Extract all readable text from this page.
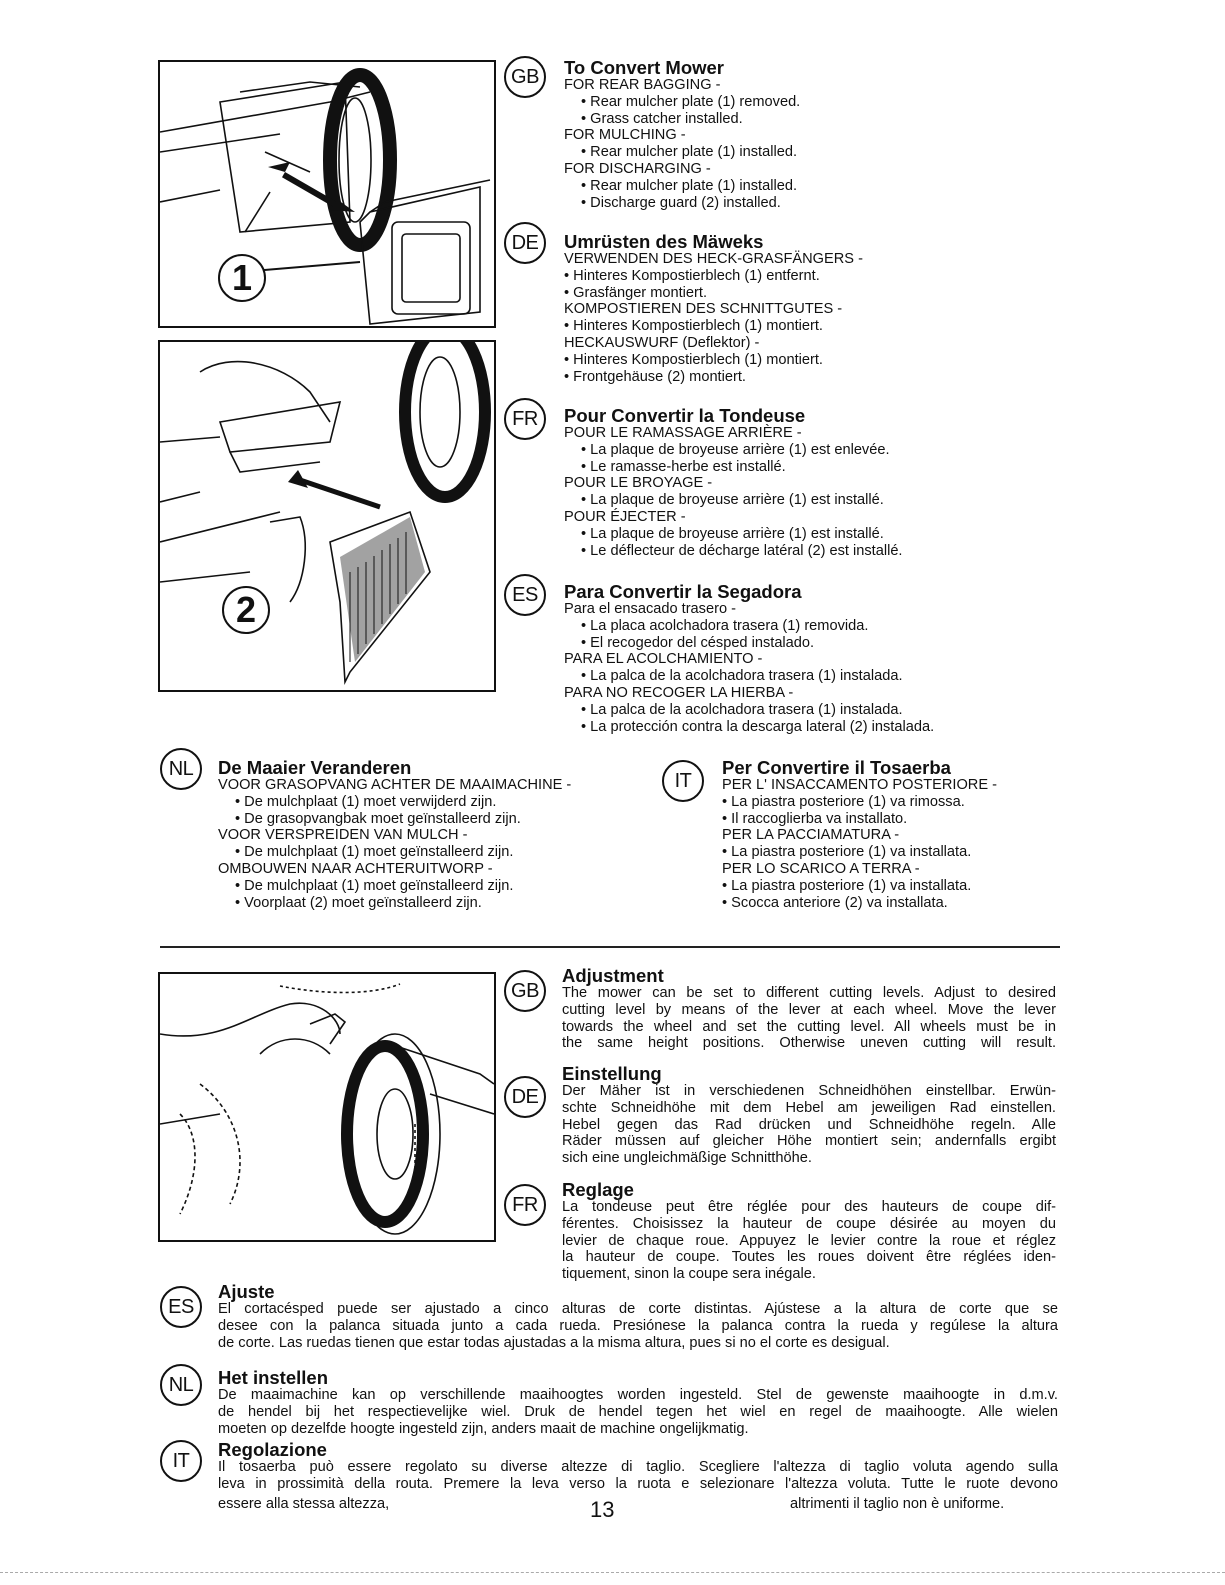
1
2
GB	To Convert Mower
FOR REAR BAGGING -
• Rear mulcher plate (1) removed.
• Grass catcher installed.
FOR MULCHING -
• Rear mulcher plate (1) installed.
FOR DISCHARGING -
• Rear mulcher plate (1) installed.
• Discharge guard (2) installed.
DE	Umrüsten des Mäweks
VERWENDEN DES HECK-GRASFÄNGERS -
• Hinteres Kompostierblech (1) entfernt.
• Grasfänger montiert.
KOMPOSTIEREN DES SCHNITTGUTES -
• Hinteres Kompostierblech (1) montiert.
HECKAUSWURF (Deflektor) -
• Hinteres Kompostierblech (1) montiert.
• Frontgehäuse (2) montiert.
FR	Pour Convertir la Tondeuse
POUR LE RAMASSAGE ARRIÈRE -
• La plaque de broyeuse arrière (1) est enlevée.
• Le ramasse-herbe est installé.
POUR LE BROYAGE -
• La plaque de broyeuse arrière (1) est installé.
POUR ÉJECTER -
• La plaque de broyeuse arrière (1) est installé.
• Le déflecteur de décharge latéral (2) est installé.
ES	Para Convertir la Segadora
Para el ensacado trasero -
• La placa acolchadora trasera (1) removida.
• El recogedor del césped instalado.
PARA EL ACOLCHAMIENTO -
• La palca de la acolchadora trasera (1) instalada.
PARA NO RECOGER LA HIERBA -
• La palca de la acolchadora trasera (1) instalada.
• La protección contra la descarga lateral (2) instalada.
NL	De Maaier Veranderen
VOOR GRASOPVANG ACHTER DE MAAIMACHINE -
• De mulchplaat (1) moet verwijderd zijn.
• De grasopvangbak moet geïnstalleerd zijn.
VOOR VERSPREIDEN VAN MULCH -
• De mulchplaat (1) moet geïnstalleerd zijn.
OMBOUWEN NAAR ACHTERUITWORP -
• De mulchplaat (1) moet geïnstalleerd zijn.
• Voorplaat (2) moet geïnstalleerd zijn.
IT
Per Convertire il Tosaerba
PER L' INSACCAMENTO POSTERIORE -
• La piastra posteriore (1) va rimossa.
• Il raccoglierba va installato.
PER LA PACCIAMATURA -
• La piastra posteriore (1) va installata.
PER LO SCARICO A TERRA -
• La piastra posteriore (1) va installata.
• Scocca anteriore (2) va installata.
GB
Adjustment
The mower can be set to different cutting levels. Adjust to desired
cutting level by means of the lever at each wheel. Move the lever
towards the wheel and set the cutting level. All wheels must be in
the same height positions. Otherwise uneven cutting will result.
DE
Einstellung
Der Mäher ist in verschiedenen Schneidhöhen einstellbar. Erwün-
schte Schneidhöhe mit dem Hebel am jeweiligen Rad einstellen.
Hebel gegen das Rad drücken und Schneidhöhe regeln. Alle
Räder müssen auf gleicher Höhe montiert sein; andernfalls ergibt
sich eine ungleichmäßige Schnitthöhe.
FR
Reglage
La tondeuse peut être réglée pour des hauteurs de coupe dif-
férentes. Choisissez la hauteur de coupe désirée au moyen du
levier de chaque roue. Appuyez le levier contre la roue et réglez
la hauteur de coupe. Toutes les roues doivent être réglées iden-
tiquement, sinon la coupe sera inégale.
ES
Ajuste
El cortacésped puede ser ajustado a cinco alturas de corte distintas. Ajústese a la altura de corte que se
desee con la palanca situada junto a cada rueda. Presiónese la palanca contra la rueda y regúlese la altura
de corte. Las ruedas tienen que estar todas ajustadas a la misma altura, pues si no el corte es desigual.
NL	Het instellen
De maaimachine kan op verschillende maaihoogtes worden ingesteld. Stel de gewenste maaihoogte in d.m.v.
de hendel bij het respectievelijke wiel. Druk de hendel tegen het wiel en regel de maaihoogte. Alle wielen
moeten op dezelfde hoogte ingesteld zijn, anders maait de machine ongelijkmatig.
IT
Regolazione
Il tosaerba può essere regolato su diverse altezze di taglio. Scegliere l'altezza di taglio voluta agendo sulla
leva in prossimità della routa. Premere la leva verso la ruota e selezionare l'altezza voluta. Tutte le ruote devono
essere alla stessa altezza,	altrimenti il taglio non è uniforme.
13
